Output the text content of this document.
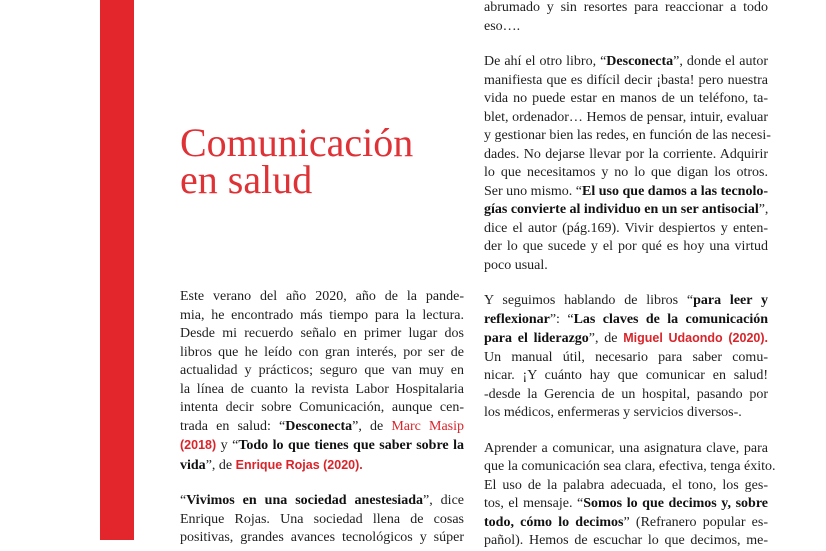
Comunicación
en salud

Este verano del año 2020, año de la pande-
mia, he encontrado más tiempo para la lectura.
Desde mi recuerdo señalo en primer lugar dos
libros que he leído con gran interés, por ser de
actualidad y prácticos; seguro que van muy en
la línea de cuanto la revista Labor Hospitalaria
intenta decir sobre Comunicación, aunque cen-
trada en salud: “Desconecta”, de Marc Masip
(2018) y “Todo lo que tienes que saber sobre la
vida”, de Enrique Rojas (2020).

“Vivimos en una sociedad anestesiada”, dice
Enrique Rojas. Una sociedad llena de cosas
positivas, grandes avances tecnológicos y súper

abrumado y sin resortes para reaccionar a todo
eso….

De ahí el otro libro, “Desconecta”, donde el autor
manifiesta que es difícil decir ¡basta! pero nuestra
vida no puede estar en manos de un teléfono, ta-
blet, ordenador… Hemos de pensar, intuir, evaluar
y gestionar bien las redes, en función de las necesi-
dades. No dejarse llevar por la corriente. Adquirir
lo que necesitamos y no lo que digan los otros.
Ser uno mismo. “El uso que damos a las tecnolo-
gías convierte al individuo en un ser antisocial”,
dice el autor (pág.169). Vivir despiertos y enten-
der lo que sucede y el por qué es hoy una virtud
poco usual.

Y seguimos hablando de libros “para leer y
reflexionar”: “Las claves de la comunicación
para el liderazgo”, de Miguel Udaondo (2020).
Un manual útil, necesario para saber comu-
nicar. ¡Y cuánto hay que comunicar en salud!
-desde la Gerencia de un hospital, pasando por
los médicos, enfermeras y servicios diversos-.

Aprender a comunicar, una asignatura clave, para
que la comunicación sea clara, efectiva, tenga éxito.
El uso de la palabra adecuada, el tono, los ges-
tos, el mensaje. “Somos lo que decimos y, sobre
todo, cómo lo decimos” (Refranero popular es-
pañol). Hemos de escuchar lo que decimos, me-
